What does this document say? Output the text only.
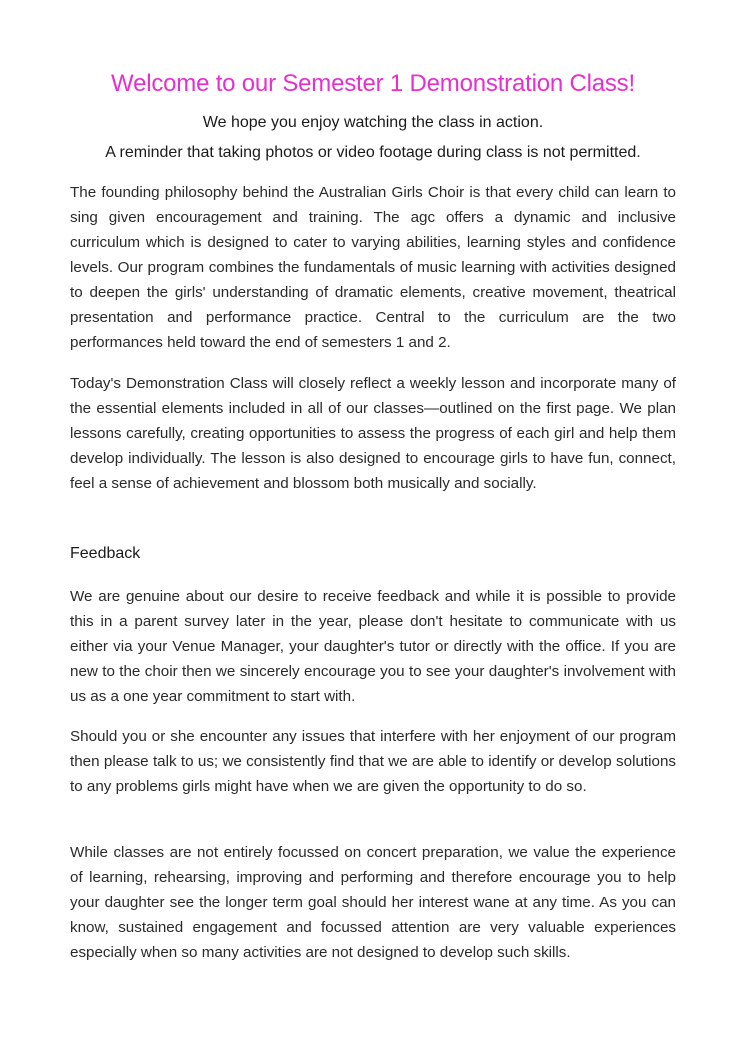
Welcome to our Semester 1 Demonstration Class!
We hope you enjoy watching the class in action.
A reminder that taking photos or video footage during class is not permitted.

The founding philosophy behind the Australian Girls Choir is that every child can learn to sing given encouragement and training. The agc offers a dynamic and inclusive curriculum which is designed to cater to varying abilities, learning styles and confidence levels. Our program combines the fundamentals of music learning with activities designed to deepen the girls' understanding of dramatic elements, creative movement, theatrical presentation and performance practice. Central to the curriculum are the two performances held toward the end of semesters 1 and 2.

Today's Demonstration Class will closely reflect a weekly lesson and incorporate many of the essential elements included in all of our classes—outlined on the first page. We plan lessons carefully, creating opportunities to assess the progress of each girl and help them develop individually. The lesson is also designed to encourage girls to have fun, connect, feel a sense of achievement and blossom both musically and socially.

Feedback

We are genuine about our desire to receive feedback and while it is possible to provide this in a parent survey later in the year, please don't hesitate to communicate with us either via your Venue Manager, your daughter's tutor or directly with the office. If you are new to the choir then we sincerely encourage you to see your daughter's involvement with us as a one year commitment to start with.

Should you or she encounter any issues that interfere with her enjoyment of our program then please talk to us; we consistently find that we are able to identify or develop solutions to any problems girls might have when we are given the opportunity to do so.

While classes are not entirely focussed on concert preparation, we value the experience of learning, rehearsing, improving and performing and therefore encourage you to help your daughter see the longer term goal should her interest wane at any time. As you can know, sustained engagement and focussed attention are very valuable experiences especially when so many activities are not designed to develop such skills.
